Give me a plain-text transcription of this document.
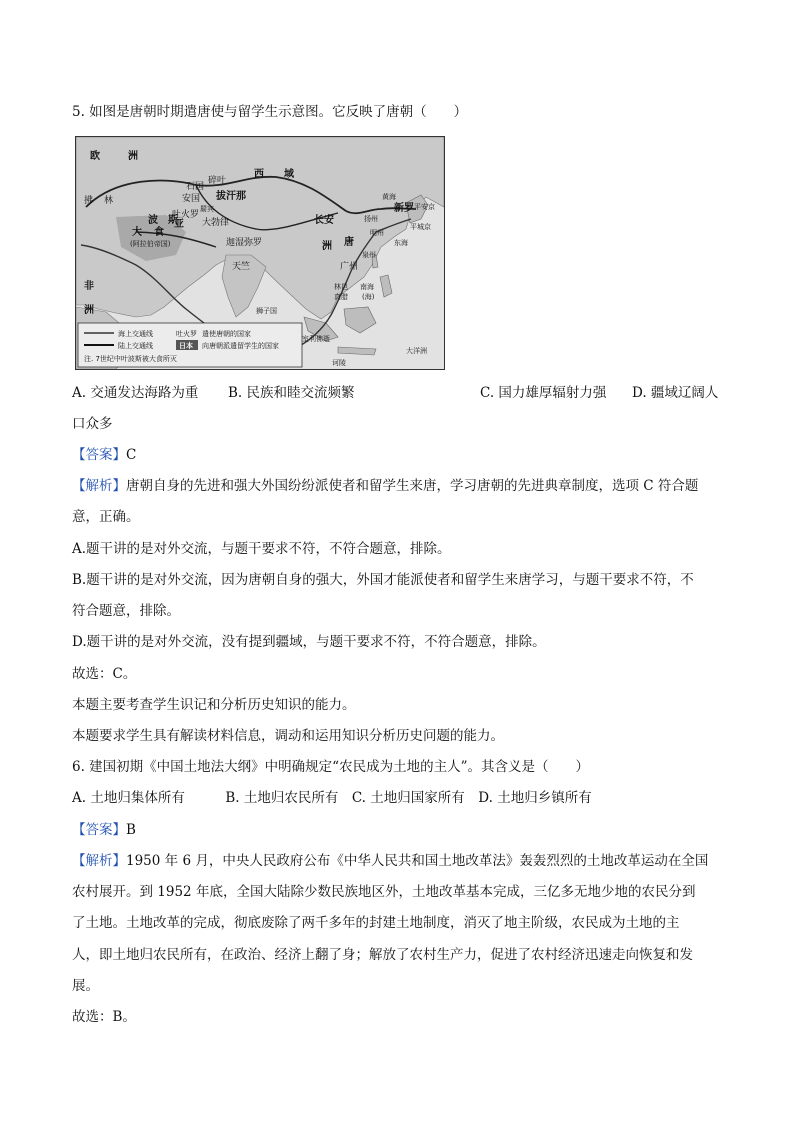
5. 如图是唐朝时期遣唐使与留学生示意图。它反映了唐朝（　　）
欧	洲
拂 林
石国
安国
波　斯
吐火罗
罽宾
大勃律
大 食
亚
(阿拉伯帝国)
西　　域
碎叶
拔汗那
迦湿弥罗
天竺
长安
唐
扬州
明州
泉州
广州
新罗 平安京
平城京
黄海
东海
南海
(海)
林邑
真腊
室利佛逝
诃陵
狮子国
非
洲
洲
大洋洲
海上交通线
陆上交通线
吐火罗 遣使唐朝的国家
日本 向唐朝派遣留学生的国家
注. 7世纪中叶波斯被大食所灭
A. 交通发达海路为重 B. 民族和睦交流频繁	C. 国力雄厚辐射力强 D. 疆域辽阔人
口众多
【答案】C
【解析】唐朝自身的先进和强大外国纷纷派使者和留学生来唐，学习唐朝的先进典章制度，选项 C 符合题
意，正确。
A.题干讲的是对外交流，与题干要求不符，不符合题意，排除。
B.题干讲的是对外交流，因为唐朝自身的强大，外国才能派使者和留学生来唐学习，与题干要求不符，不
符合题意，排除。
D.题干讲的是对外交流，没有提到疆域，与题干要求不符，不符合题意，排除。
故选：C。
本题主要考查学生识记和分析历史知识的能力。
本题要求学生具有解读材料信息，调动和运用知识分析历史问题的能力。
6. 建国初期《中国土地法大纲》中明确规定“农民成为土地的主人”。其含义是（　　）
A. 土地归集体所有　　　B. 土地归农民所有　C. 土地归国家所有　D. 土地归乡镇所有
【答案】B
【解析】1950 年 6 月，中央人民政府公布《中华人民共和国土地改革法》轰轰烈烈的土地改革运动在全国
农村展开。到 1952 年底，全国大陆除少数民族地区外，土地改革基本完成，三亿多无地少地的农民分到
了土地。土地改革的完成，彻底废除了两千多年的封建土地制度，消灭了地主阶级，农民成为土地的主
人，即土地归农民所有，在政治、经济上翻了身；解放了农村生产力，促进了农村经济迅速走向恢复和发
展。
故选：B。
